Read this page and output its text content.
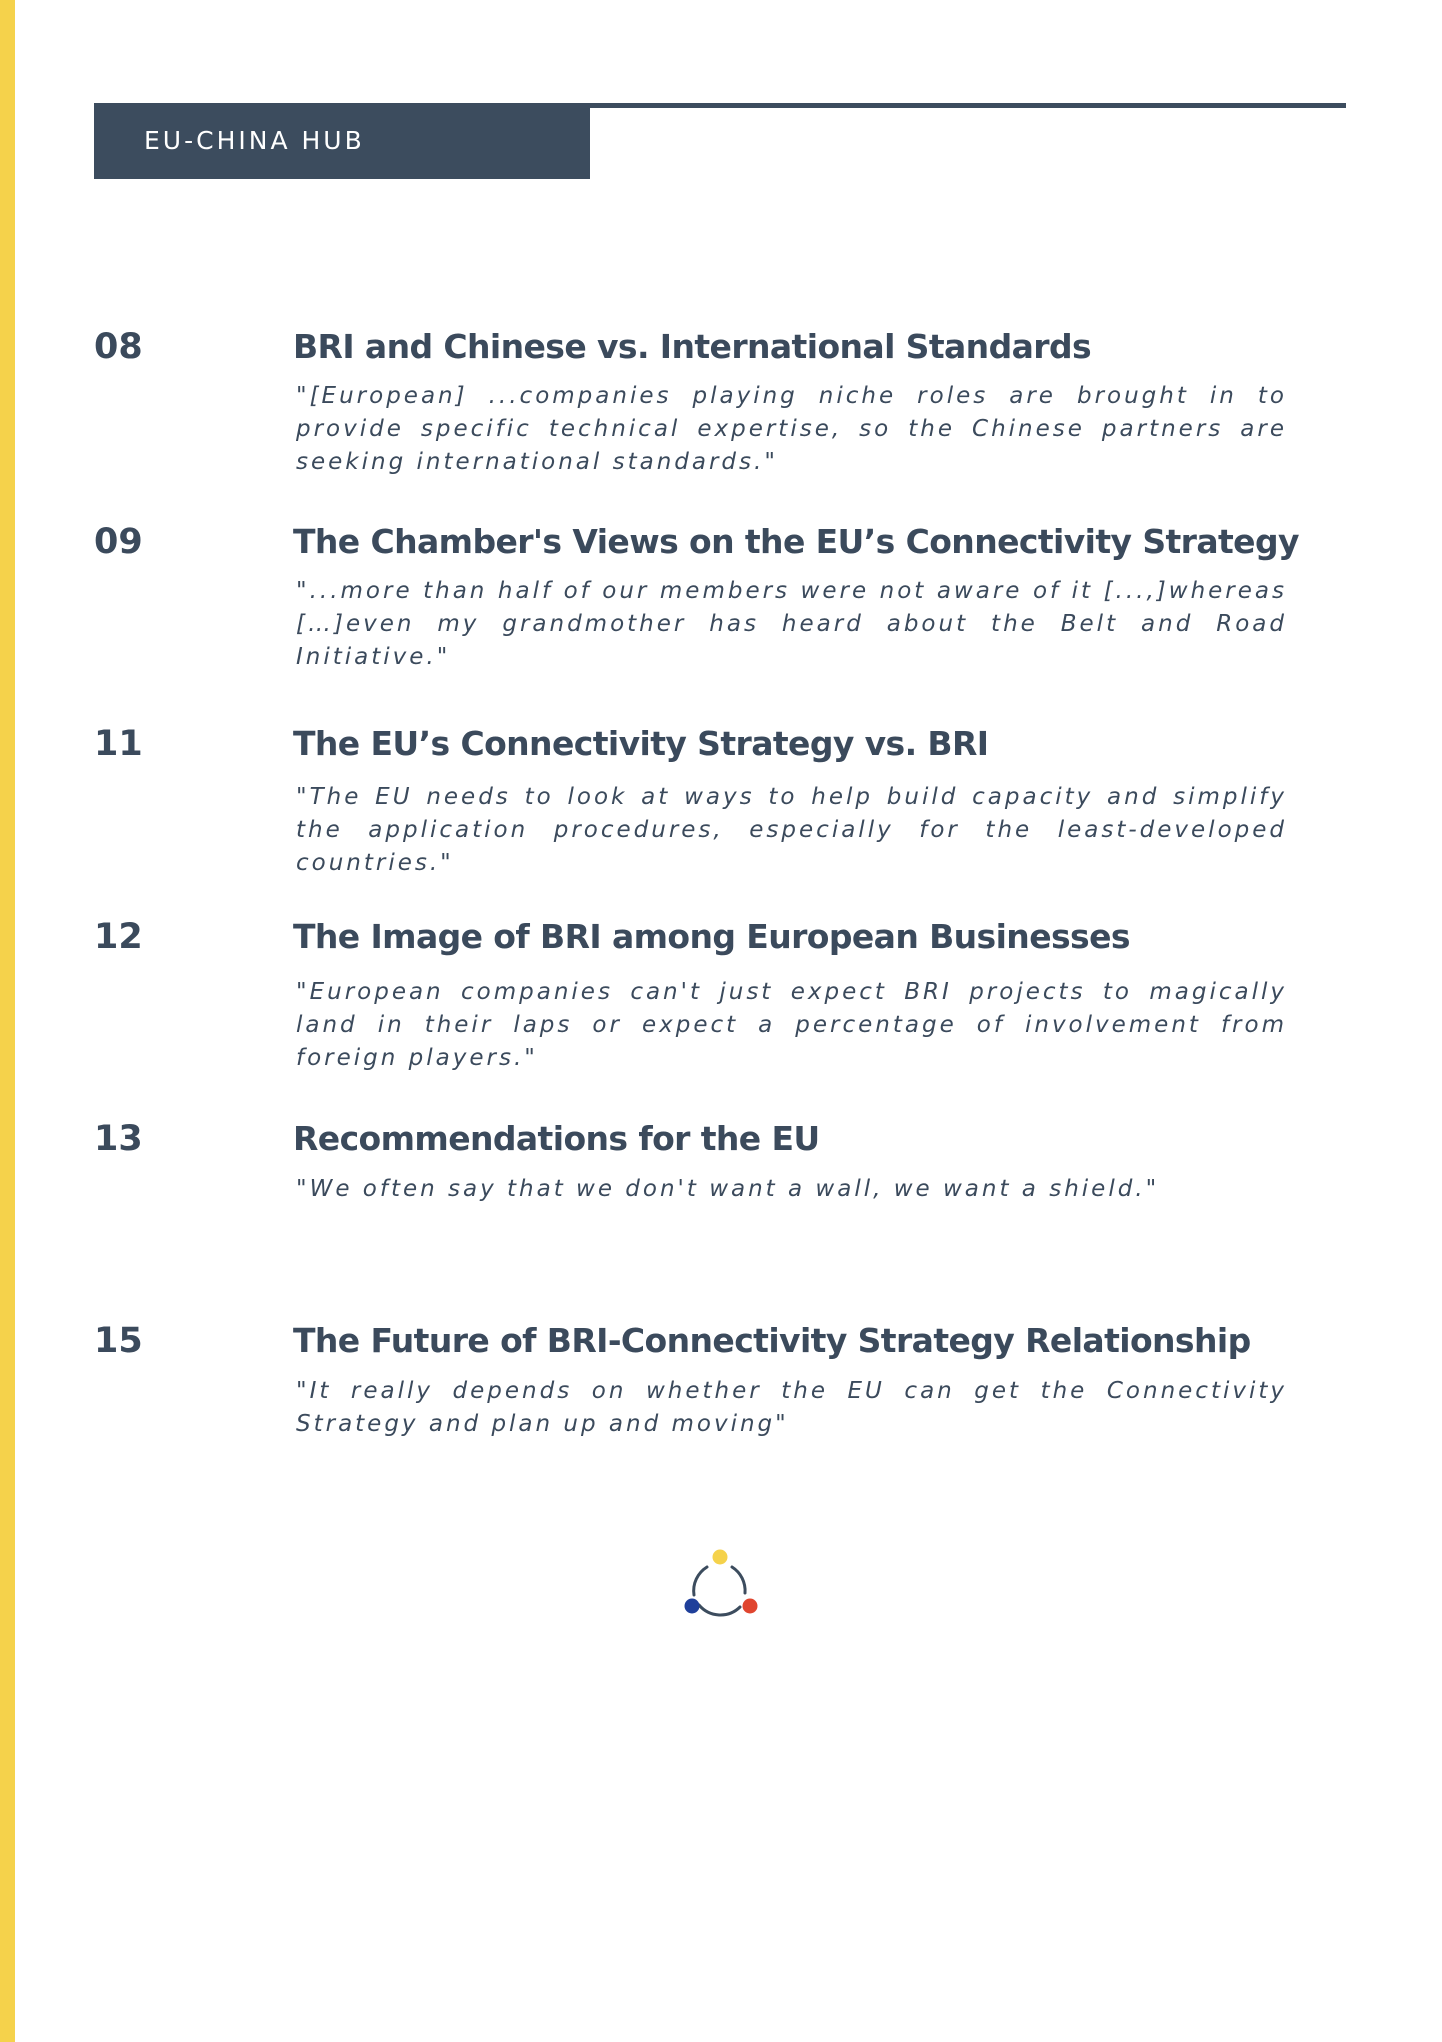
EU-CHINA HUB
08	BRI and Chinese vs. International Standards
"[European] ...companies playing niche roles are brought in to provide specific technical expertise, so the Chinese partners are seeking international standards."
09	The Chamber's Views on the EU’s Connectivity Strategy
"...more than half of our members were not aware of it [...,]whereas […]even my grandmother has heard about the Belt and Road Initiative."
11	The EU’s Connectivity Strategy vs. BRI
"The EU needs to look at ways to help build capacity and simplify the application procedures, especially for the least-developed countries."
12	The Image of BRI among European Businesses
"European companies can't just expect BRI projects to magically land in their laps or expect a percentage of involvement from foreign players."
13	Recommendations for the EU
"We often say that we don't want a wall, we want a shield."
15	The Future of BRI-Connectivity Strategy Relationship
"It really depends on whether the EU can get the Connectivity Strategy and plan up and moving"
